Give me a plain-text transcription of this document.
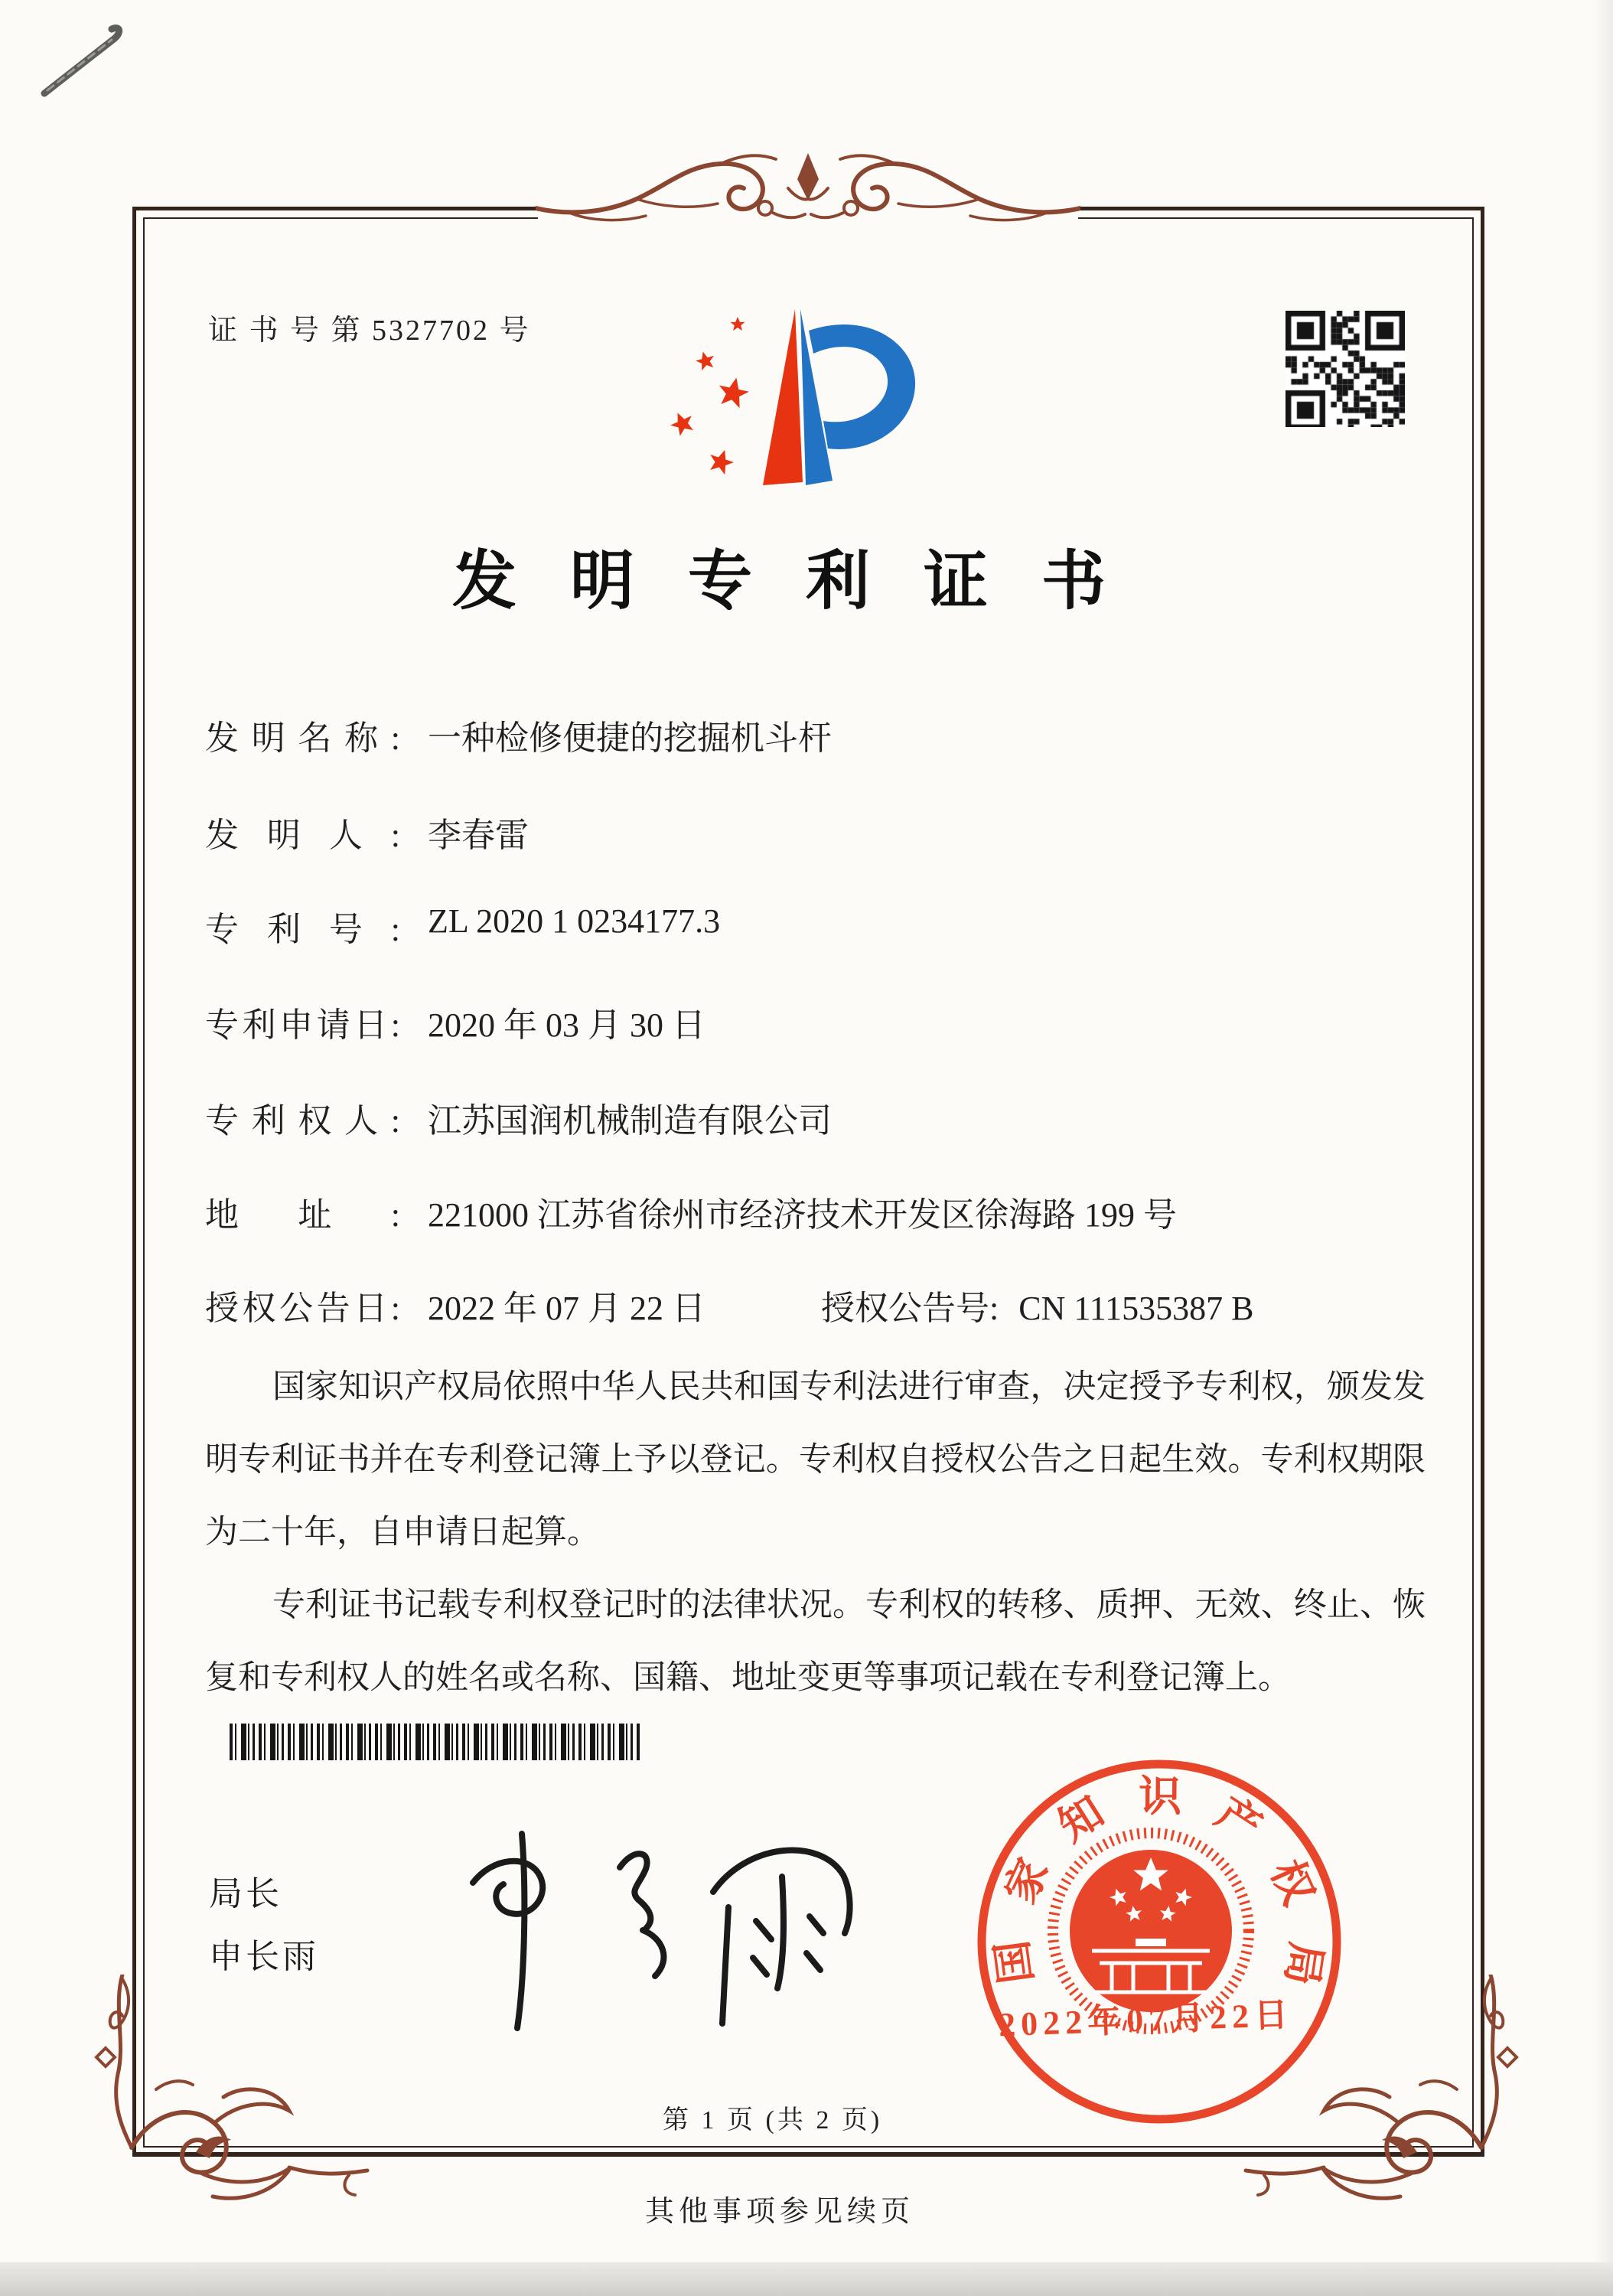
证 书 号 第 5327702 号
发明专利证书
发明名称: 一种检修便捷的挖掘机斗杆
发明人: 李春雷
专利号: ZL 2020 1 0234177.3
专利申请日: 2020 年 03 月 30 日
专利权人: 江苏国润机械制造有限公司
地址: 221000 江苏省徐州市经济技术开发区徐海路 199 号
授权公告日: 2022 年 07 月 22 日	授权公告号: CN 111535387 B

国家知识产权局依照中华人民共和国专利法进行审查，决定授予专利权，颁发发明专利证书并在专利登记簿上予以登记。专利权自授权公告之日起生效。专利权期限为二十年，自申请日起算。

专利证书记载专利权登记时的法律状况。专利权的转移、质押、无效、终止、恢复和专利权人的姓名或名称、国籍、地址变更等事项记载在专利登记簿上。

局长
申长雨	国家知识产权局
2022年07月22日
第 1 页 (共 2 页)
其他事项参见续页
